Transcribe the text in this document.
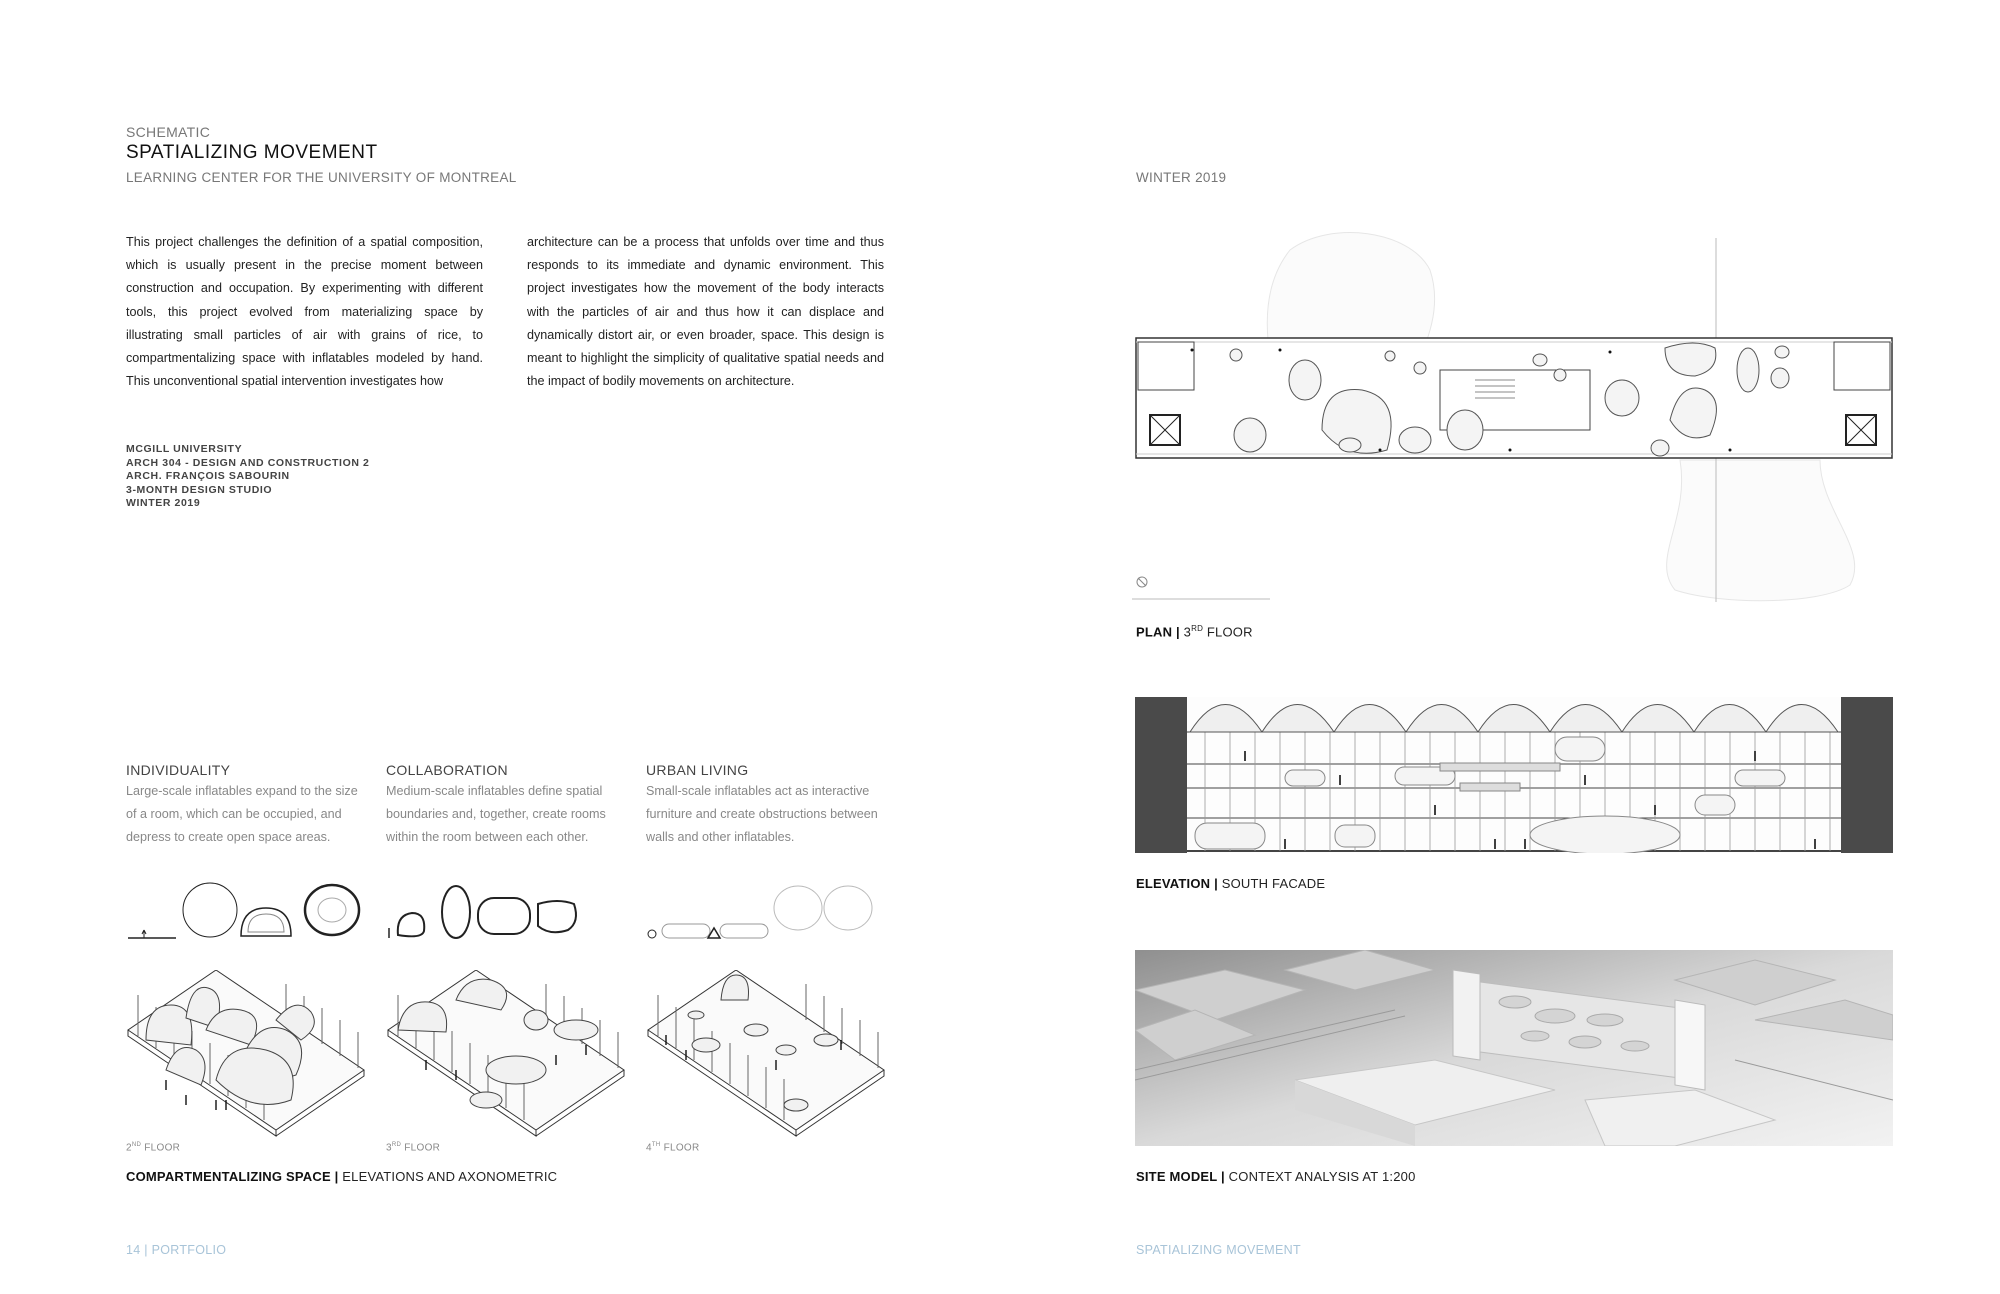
SCHEMATIC
SPATIALIZING MOVEMENT
LEARNING CENTER FOR THE UNIVERSITY OF MONTREAL

This project challenges the definition of a spatial composition, which is usually present in the precise moment between construction and occupation. By experimenting with different tools, this project evolved from materializing space by illustrating small particles of air with grains of rice, to compartmentalizing space with inflatables modeled by hand. This unconventional spatial intervention investigates how

architecture can be a process that unfolds over time and thus responds to its immediate and dynamic environment. This project investigates how the movement of the body interacts with the particles of air and thus how it can displace and dynamically distort air, or even broader, space. This design is meant to highlight the simplicity of qualitative spatial needs and the impact of bodily movements on architecture.

MCGILL UNIVERSITY
ARCH 304 - DESIGN AND CONSTRUCTION 2
ARCH. FRANÇOIS SABOURIN
3-MONTH DESIGN STUDIO
WINTER 2019
INDIVIDUALITY

Large-scale inflatables expand to the size of a room, which can be occupied, and depress to create open space areas.

COLLABORATION

Medium-scale inflatables define spatial boundaries and, together, create rooms within the room between each other.

URBAN LIVING

Small-scale inflatables act as interactive furniture and create obstructions between walls and other inflatables.

2ND FLOOR	3RD FLOOR	4TH FLOOR
COMPARTMENTALIZING SPACE | ELEVATIONS AND AXONOMETRIC
14 | PORTFOLIO
WINTER 2019
PLAN | 3RD FLOOR
ELEVATION | SOUTH FACADE
SITE MODEL | CONTEXT ANALYSIS AT 1:200
SPATIALIZING MOVEMENT
